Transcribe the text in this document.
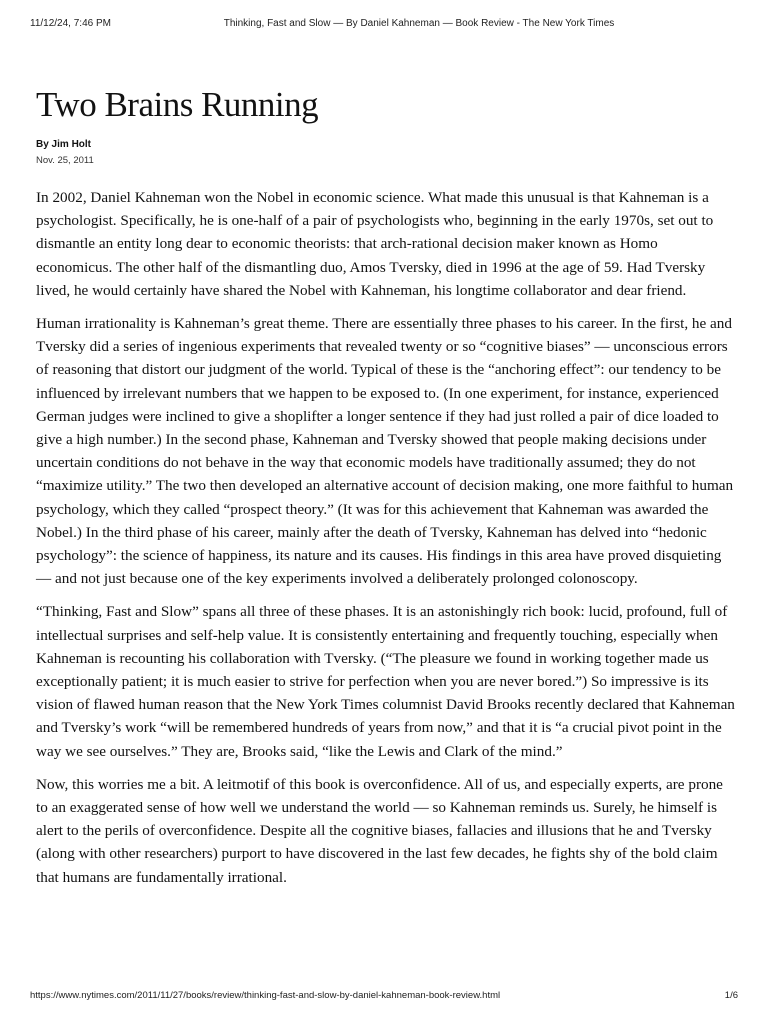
11/12/24, 7:46 PM	Thinking, Fast and Slow — By Daniel Kahneman — Book Review - The New York Times
Two Brains Running
By Jim Holt
Nov. 25, 2011

In 2002, Daniel Kahneman won the Nobel in economic science. What made this unusual is that Kahneman is a psychologist. Specifically, he is one-half of a pair of psychologists who, beginning in the early 1970s, set out to dismantle an entity long dear to economic theorists: that arch-rational decision maker known as Homo economicus. The other half of the dismantling duo, Amos Tversky, died in 1996 at the age of 59. Had Tversky lived, he would certainly have shared the Nobel with Kahneman, his longtime collaborator and dear friend.

Human irrationality is Kahneman’s great theme. There are essentially three phases to his career. In the first, he and Tversky did a series of ingenious experiments that revealed twenty or so “cognitive biases” — unconscious errors of reasoning that distort our judgment of the world. Typical of these is the “anchoring effect”: our tendency to be influenced by irrelevant numbers that we happen to be exposed to. (In one experiment, for instance, experienced German judges were inclined to give a shoplifter a longer sentence if they had just rolled a pair of dice loaded to give a high number.) In the second phase, Kahneman and Tversky showed that people making decisions under uncertain conditions do not behave in the way that economic models have traditionally assumed; they do not “maximize utility.” The two then developed an alternative account of decision making, one more faithful to human psychology, which they called “prospect theory.” (It was for this achievement that Kahneman was awarded the Nobel.) In the third phase of his career, mainly after the death of Tversky, Kahneman has delved into “hedonic psychology”: the science of happiness, its nature and its causes. His findings in this area have proved disquieting — and not just because one of the key experiments involved a deliberately prolonged colonoscopy.

“Thinking, Fast and Slow” spans all three of these phases. It is an astonishingly rich book: lucid, profound, full of intellectual surprises and self-help value. It is consistently entertaining and frequently touching, especially when Kahneman is recounting his collaboration with Tversky. (“The pleasure we found in working together made us exceptionally patient; it is much easier to strive for perfection when you are never bored.”) So impressive is its vision of flawed human reason that the New York Times columnist David Brooks recently declared that Kahneman and Tversky’s work “will be remembered hundreds of years from now,” and that it is “a crucial pivot point in the way we see ourselves.” They are, Brooks said, “like the Lewis and Clark of the mind.”

Now, this worries me a bit. A leitmotif of this book is overconfidence. All of us, and especially experts, are prone to an exaggerated sense of how well we understand the world — so Kahneman reminds us. Surely, he himself is alert to the perils of overconfidence. Despite all the cognitive biases, fallacies and illusions that he and Tversky (along with other researchers) purport to have discovered in the last few decades, he fights shy of the bold claim that humans are fundamentally irrational.

https://www.nytimes.com/2011/11/27/books/review/thinking-fast-and-slow-by-daniel-kahneman-book-review.html	1/6
